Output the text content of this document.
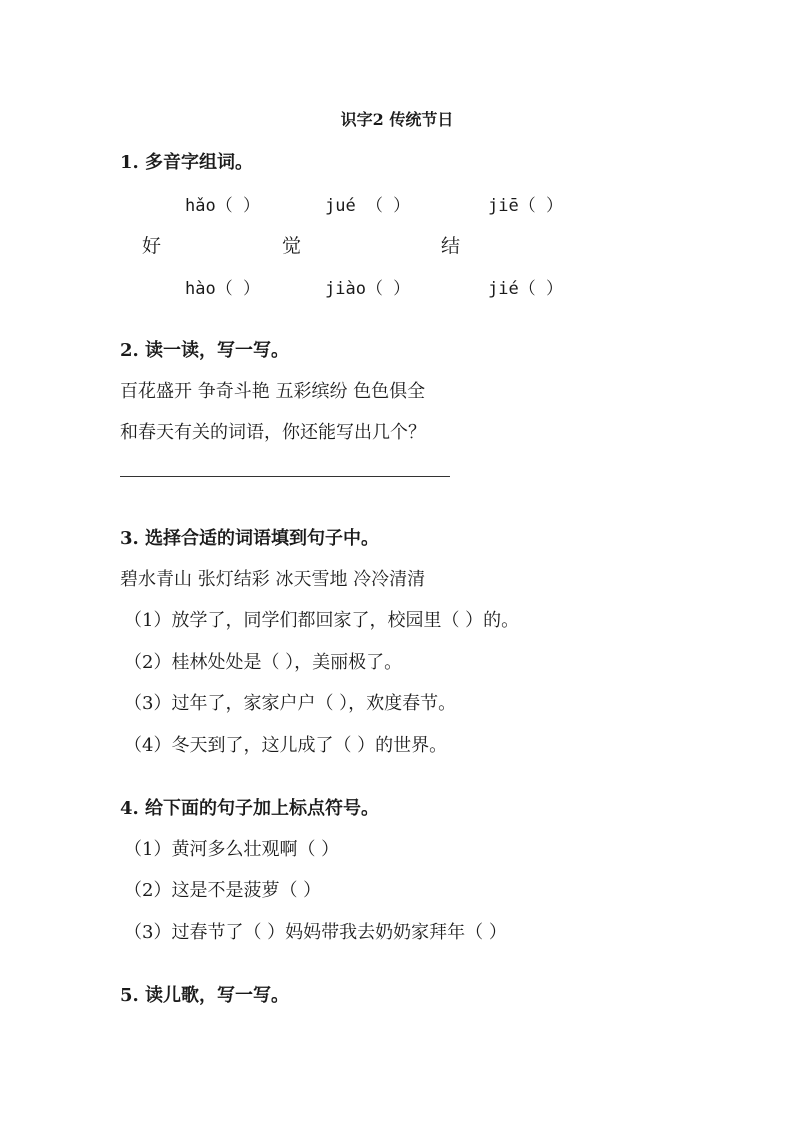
识字2 传统节日
1. 多音字组词。
hǎo（ ）	jué （ ）	jiē（ ）
好	觉	结
hào（ ）	jiào（ ）	jié（ ）
2. 读一读，写一写。
百花盛开 争奇斗艳 五彩缤纷 色色俱全
和春天有关的词语，你还能写出几个？
3. 选择合适的词语填到句子中。
碧水青山 张灯结彩 冰天雪地 冷冷清清
（1）放学了，同学们都回家了，校园里（ ）的。
（2）桂林处处是（ ），美丽极了。
（3）过年了，家家户户（ ），欢度春节。
（4）冬天到了，这儿成了（ ）的世界。
4. 给下面的句子加上标点符号。
（1）黄河多么壮观啊（ ）
（2）这是不是菠萝（ ）
（3）过春节了（ ）妈妈带我去奶奶家拜年（ ）
5. 读儿歌，写一写。
